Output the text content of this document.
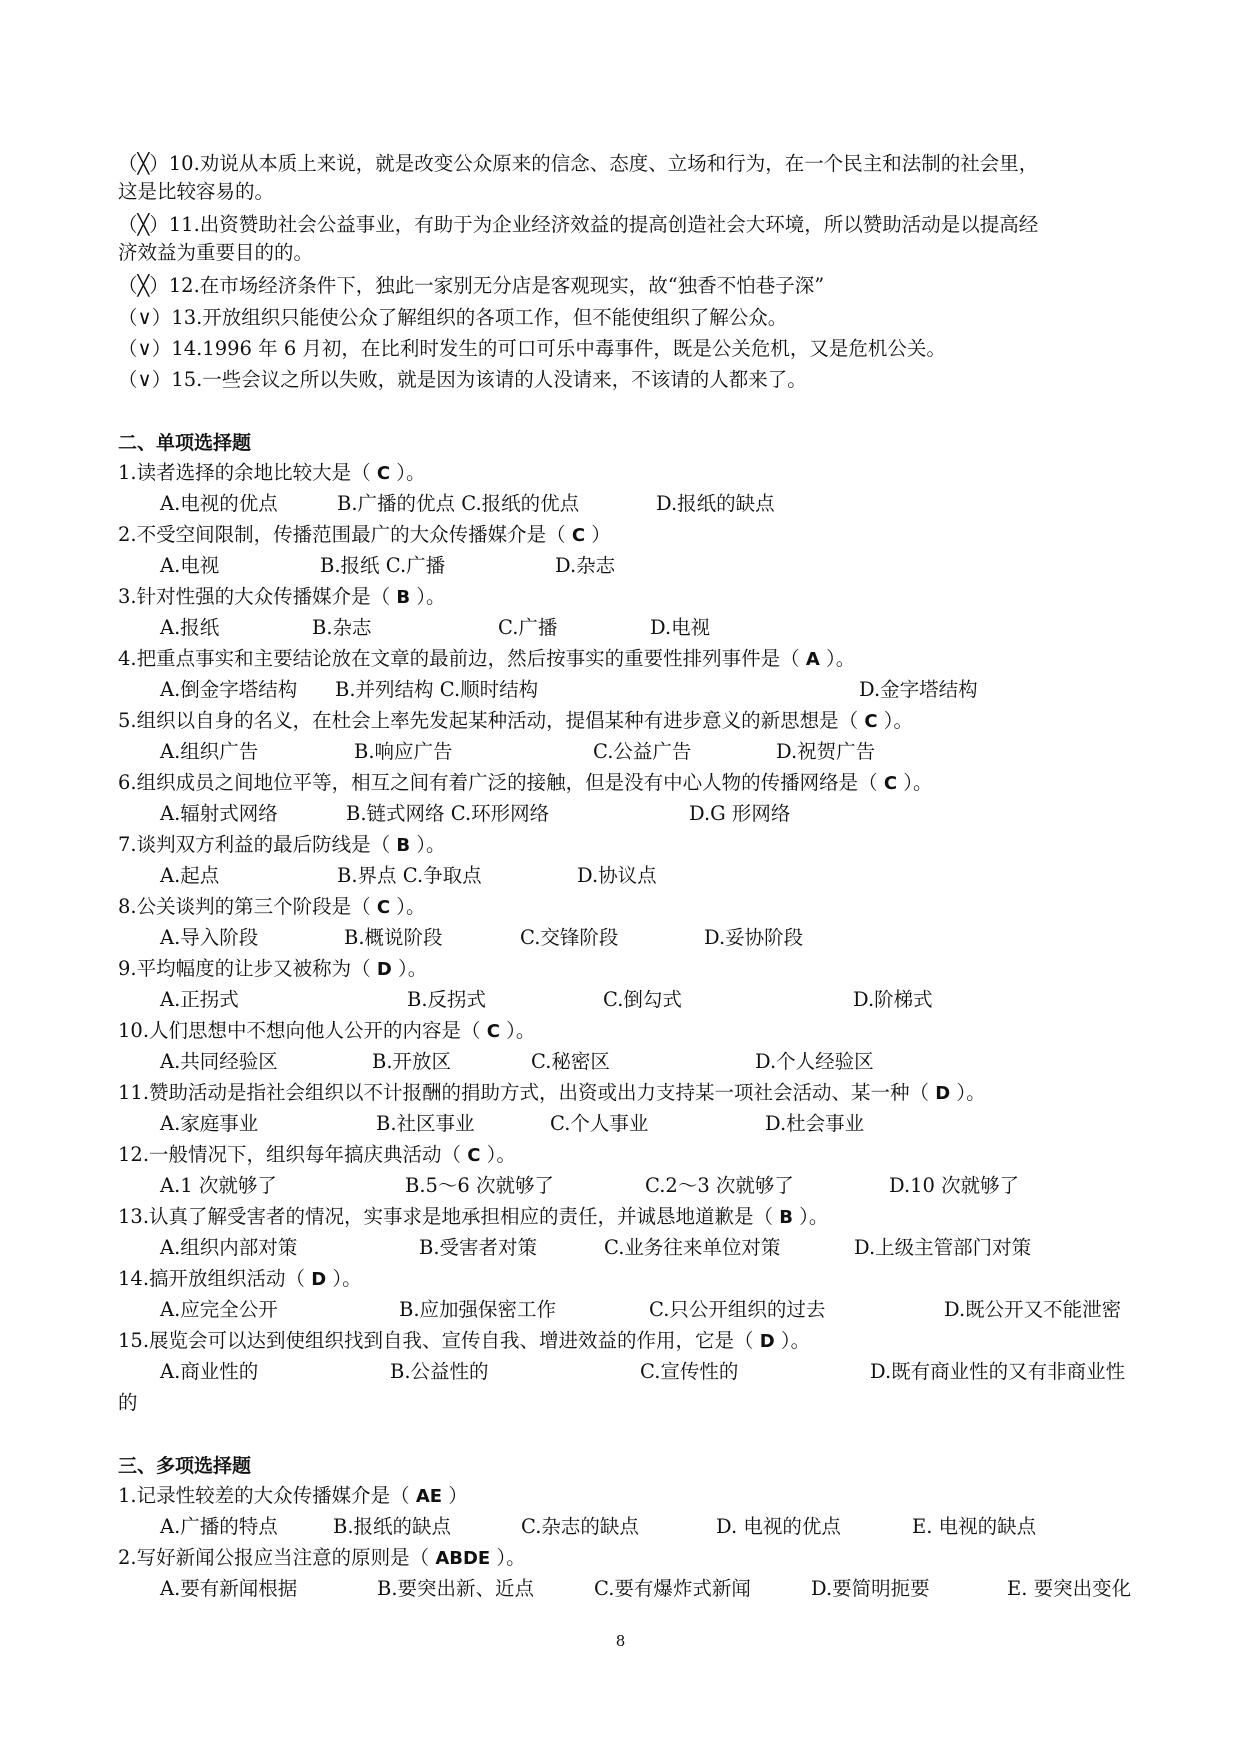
（╳）10.劝说从本质上来说，就是改变公众原来的信念、态度、立场和行为，在一个民主和法制的社会里，
这是比较容易的。
（╳）11.出资赞助社会公益事业，有助于为企业经济效益的提高创造社会大环境，所以赞助活动是以提高经
济效益为重要目的的。
（╳）12.在市场经济条件下，独此一家别无分店是客观现实，故“独香不怕巷子深”
（∨）13.开放组织只能使公众了解组织的各项工作，但不能使组织了解公众。
（∨）14.1996 年 6 月初，在比利时发生的可口可乐中毒事件，既是公关危机，又是危机公关。
（∨）15.一些会议之所以失败，就是因为该请的人没请来，不该请的人都来了。
二、单项选择题
1.读者选择的余地比较大是（ C ）。
A.电视的优点	B.广播的优点 C.报纸的优点	D.报纸的缺点
2.不受空间限制，传播范围最广的大众传播媒介是（ C ）
A.电视	B.报纸 C.广播	D.杂志
3.针对性强的大众传播媒介是（ B ）。
A.报纸	B.杂志	C.广播	D.电视
4.把重点事实和主要结论放在文章的最前边，然后按事实的重要性排列事件是（ A ）。
A.倒金字塔结构 B.并列结构 C.顺时结构	D.金字塔结构
5.组织以自身的名义，在杜会上率先发起某种活动，提倡某种有进步意义的新思想是（ C ）。
A.组织广告	B.响应广告	C.公益广告	D.祝贺广告
6.组织成员之间地位平等，相互之间有着广泛的接触，但是没有中心人物的传播网络是（ C ）。
A.辐射式网络	B.链式网络 C.环形网络	D.G 形网络
7.谈判双方利益的最后防线是（ B ）。
A.起点	B.界点 C.争取点	D.协议点
8.公关谈判的第三个阶段是（ C ）。
A.导入阶段	B.概说阶段	C.交锋阶段	D.妥协阶段
9.平均幅度的让步又被称为（ D ）。
A.正拐式	B.反拐式	C.倒勾式	D.阶梯式
10.人们思想中不想向他人公开的内容是（ C ）。
A.共同经验区	B.开放区	C.秘密区	D.个人经验区
11.赞助活动是指社会组织以不计报酬的捐助方式，出资或出力支持某一项社会活动、某一种（ D ）。
A.家庭事业	B.社区事业	C.个人事业	D.杜会事业
12.一般情况下，组织每年搞庆典活动（ C ）。
A.1 次就够了	B.5～6 次就够了	C.2～3 次就够了	D.10 次就够了
13.认真了解受害者的情况，实事求是地承担相应的责任，并诚恳地道歉是（ B ）。
A.组织内部对策	B.受害者对策	C.业务往来单位对策	D.上级主管部门对策
14.搞开放组织活动（ D ）。
A.应完全公开	B.应加强保密工作	C.只公开组织的过去	D.既公开又不能泄密
15.展览会可以达到使组织找到自我、宣传自我、增进效益的作用，它是（ D ）。
A.商业性的	B.公益性的	C.宣传性的	D.既有商业性的又有非商业性
的
三、多项选择题
1.记录性较差的大众传播媒介是（ AE ）
A.广播的特点	B.报纸的缺点	C.杂志的缺点	D. 电视的优点	E. 电视的缺点
2.写好新闻公报应当注意的原则是（ ABDE ）。
A.要有新闻根据	B.要突出新、近点	C.要有爆炸式新闻	D.要简明扼要	E. 要突出变化
8
